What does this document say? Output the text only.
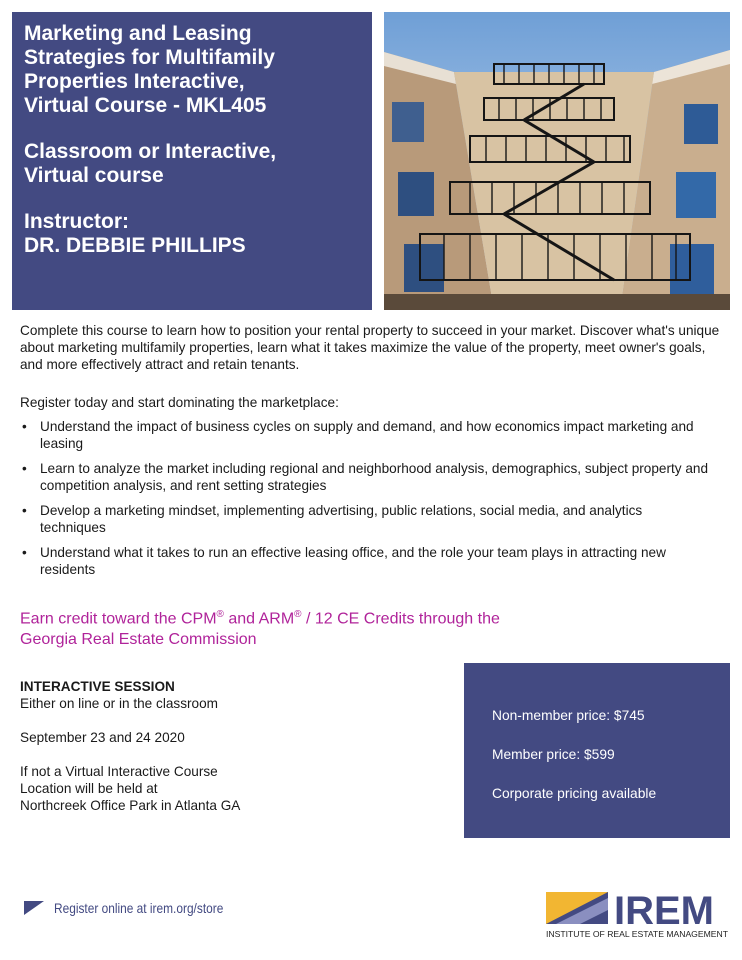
Marketing and Leasing
Strategies for Multifamily
Properties Interactive,
Virtual Course - MKL405
Classroom or Interactive,
Virtual course
Instructor:
DR. DEBBIE PHILLIPS

Complete this course to learn how to position your rental property to succeed in your market. Discover what's unique about marketing multifamily properties, learn what it takes maximize the value of the property, meet owner's goals, and more effectively attract and retain tenants.

Register today and start dominating the marketplace:

• Understand the impact of business cycles on supply and demand, and how economics impact marketing and leasing
• Learn to analyze the market including regional and neighborhood analysis, demographics, subject property and competition analysis, and rent setting strategies
• Develop a marketing mindset, implementing advertising, public relations, social media, and analytics techniques
• Understand what it takes to run an effective leasing office, and the role your team plays in attracting new residents

Earn credit toward the CPM® and ARM® / 12 CE Credits through the
Georgia Real Estate Commission

INTERACTIVE SESSION

Either on line or in the classroom

September 23 and 24 2020

If not a Virtual Interactive Course

Location will be held at

Northcreek Office Park in Atlanta GA

Non-member price: $745

Member price: $599

Corporate pricing available

Register online at irem.org/store	IREM
INSTITUTE OF REAL ESTATE MANAGEMENT
